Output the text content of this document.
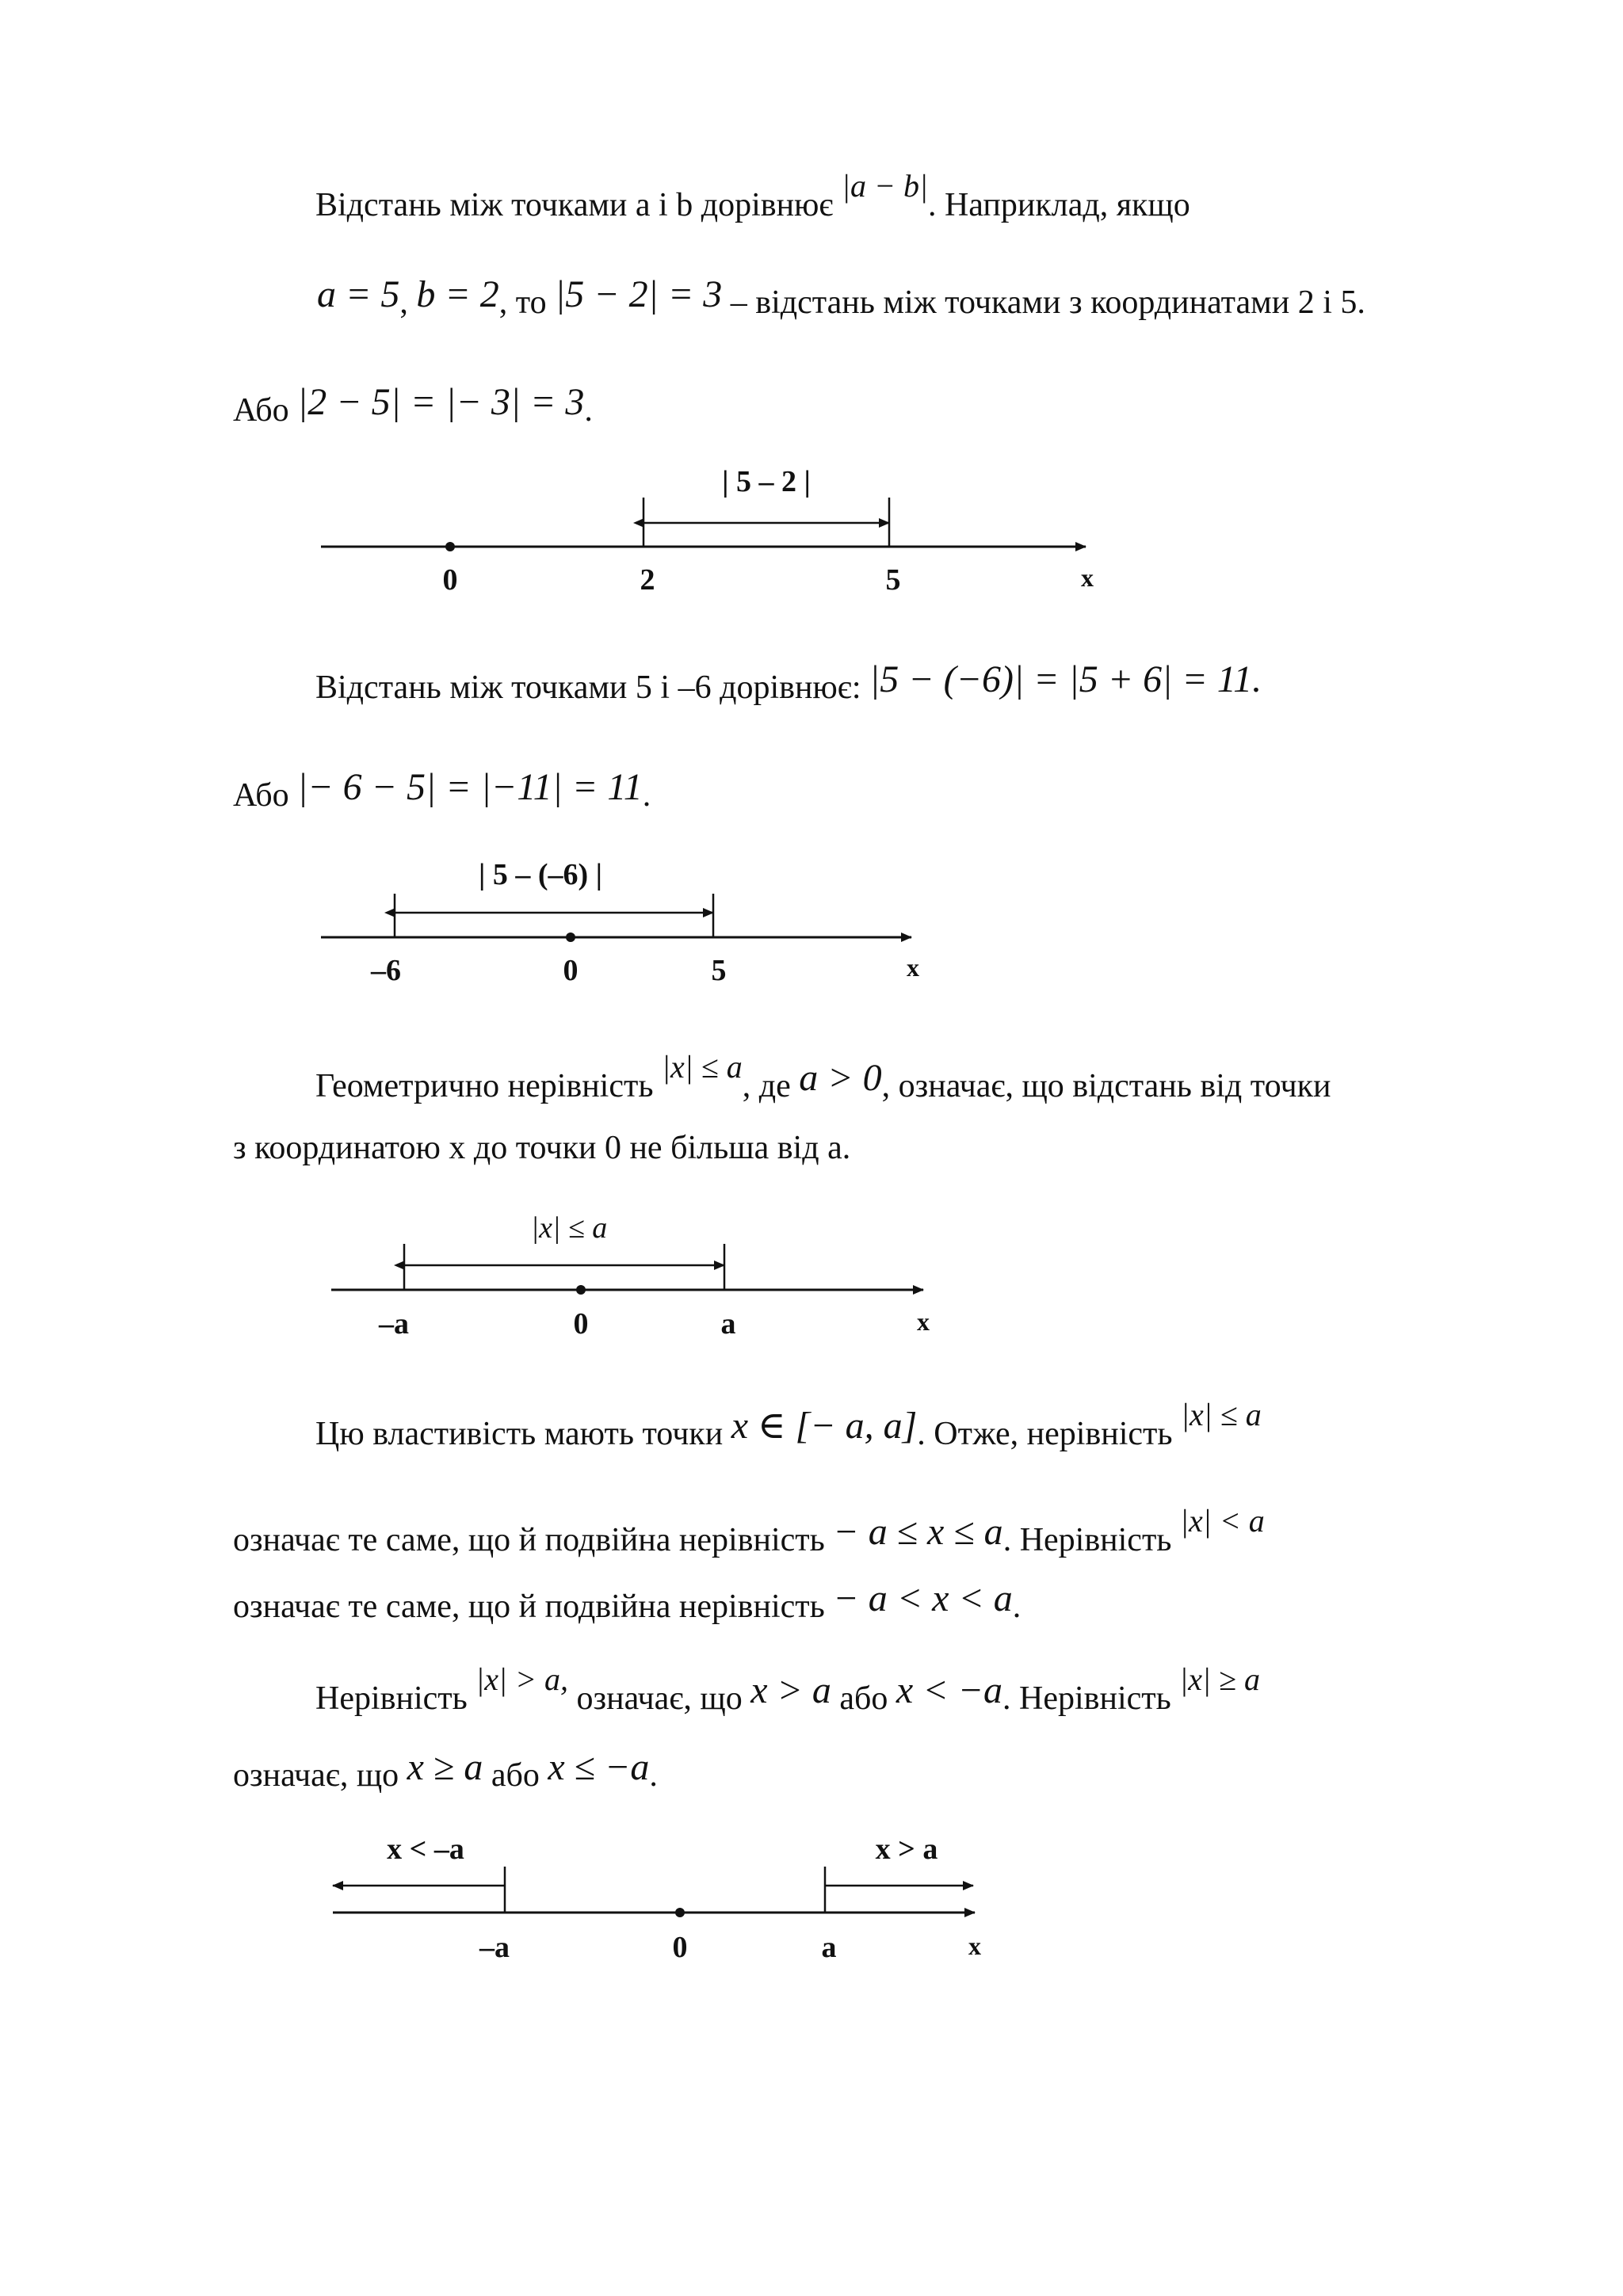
Відстань між точками a і b дорівнює |a − b|. Наприклад, якщо
a = 5, b = 2, то |5 − 2| = 3 – відстань між точками з координатами 2 і 5.
Або |2 − 5| = |− 3| = 3.
| 5 – 2 |
0	2	5	x
Відстань між точками 5 і –6 дорівнює: |5 − (−6)| = |5 + 6| = 11.
Або |− 6 − 5| = |−11| = 11.
| 5 – (–6) |
–6	0	5	x
Геометрично нерівність |x| ≤ a, де a > 0, означає, що відстань від точки
з координатою x до точки 0 не більша від a.
|x| ≤ a
–a	0	a	x
Цю властивість мають точки x ∈ [− a, a]. Отже, нерівність |x| ≤ a
означає те саме, що й подвійна нерівність − a ≤ x ≤ a. Нерівність |x| < a
означає те саме, що й подвійна нерівність − a < x < a.
Нерівність |x| > a, означає, що x > a або x < −a. Нерівність |x| ≥ a
означає, що x ≥ a або x ≤ −a.
x < –a	x > a
–a	0	a	x
